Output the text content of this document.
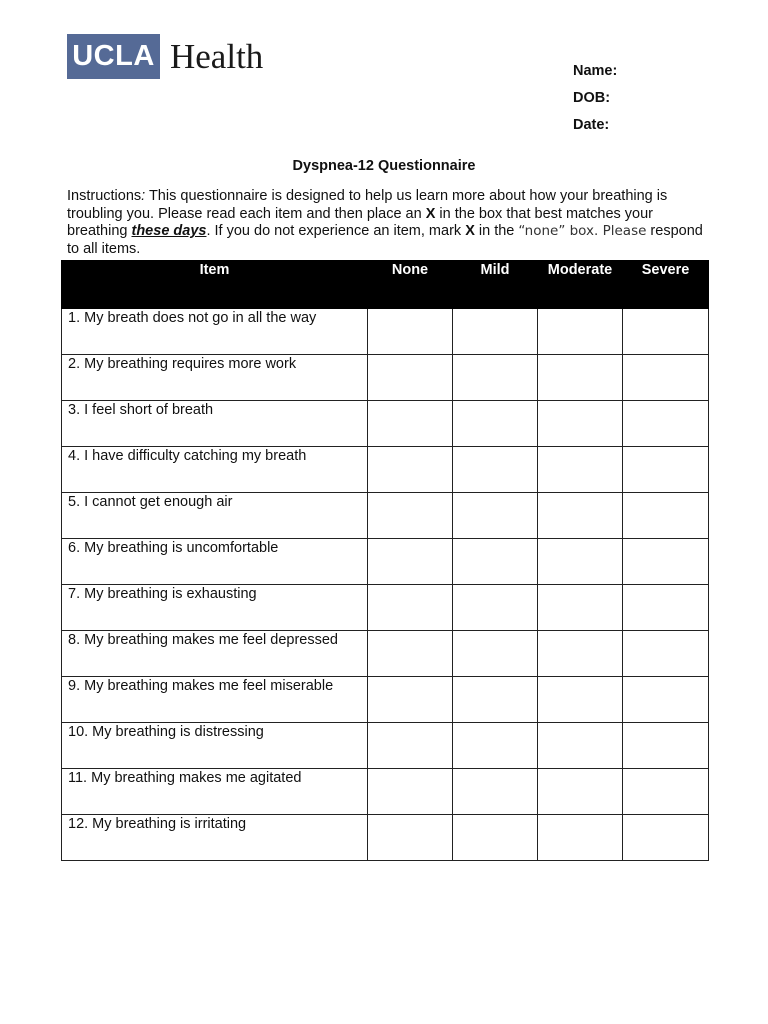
UCLA Health	Name:
DOB:
Date:
Dyspnea-12 Questionnaire
Instructions: This questionnaire is designed to help us learn more about how your breathing is troubling you. Please read each item and then place an X in the box that best matches your breathing these days. If you do not experience an item, mark X in the “none” box. Please respond to all items.
Item	None	Mild	Moderate	Severe
1. My breath does not go in all the way				
2. My breathing requires more work				
3. I feel short of breath				
4. I have difficulty catching my breath				
5. I cannot get enough air				
6. My breathing is uncomfortable				
7. My breathing is exhausting				
8. My breathing makes me feel depressed				
9. My breathing makes me feel miserable				
10. My breathing is distressing				
11. My breathing makes me agitated				
12. My breathing is irritating				
